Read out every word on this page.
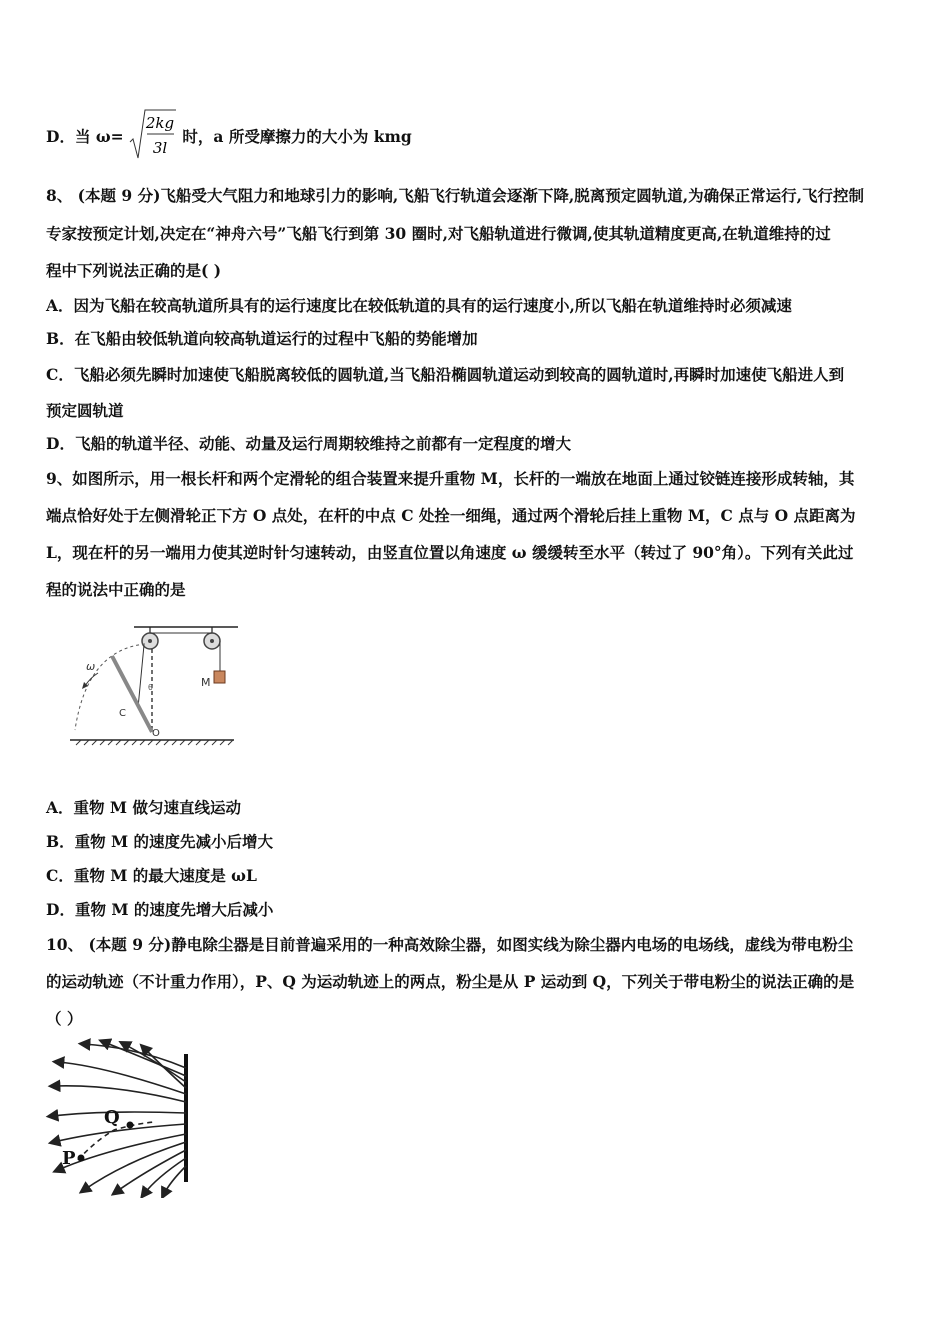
D．当 ω=
2kg
3l
时，a 所受摩擦力的大小为 kmg
8、 (本题 9 分)飞船受大气阻力和地球引力的影响,飞船飞行轨道会逐渐下降,脱离预定圆轨道,为确保正常运行,飞行控制
专家按预定计划,决定在“神舟六号”飞船飞行到第 30 圈时,对飞船轨道进行微调,使其轨道精度更高,在轨道维持的过
程中下列说法正确的是( )
A．因为飞船在较高轨道所具有的运行速度比在较低轨道的具有的运行速度小,所以飞船在轨道维持时必须减速
B．在飞船由较低轨道向较高轨道运行的过程中飞船的势能增加
C．飞船必须先瞬时加速使飞船脱离较低的圆轨道,当飞船沿椭圆轨道运动到较高的圆轨道时,再瞬时加速使飞船进人到
预定圆轨道
D．飞船的轨道半径、动能、动量及运行周期较维持之前都有一定程度的增大
9、如图所示，用一根长杆和两个定滑轮的组合装置来提升重物 M，长杆的一端放在地面上通过铰链连接形成转轴，其
端点恰好处于左侧滑轮正下方 O 点处，在杆的中点 C 处拴一细绳，通过两个滑轮后挂上重物 M，C 点与 O 点距离为
L，现在杆的另一端用力使其逆时针匀速转动，由竖直位置以角速度 ω 缓缓转至水平（转过了 90°角）。下列有关此过
程的说法中正确的是
M
θ
ω
C
O
A．重物 M 做匀速直线运动
B．重物 M 的速度先减小后增大
C．重物 M 的最大速度是 ωL
D．重物 M 的速度先增大后减小
10、 (本题 9 分)静电除尘器是目前普遍采用的一种高效除尘器，如图实线为除尘器内电场的电场线，虚线为带电粉尘
的运动轨迹（不计重力作用），P、Q 为运动轨迹上的两点，粉尘是从 P 运动到 Q，下列关于带电粉尘的说法正确的是
（ ）
Q
P
